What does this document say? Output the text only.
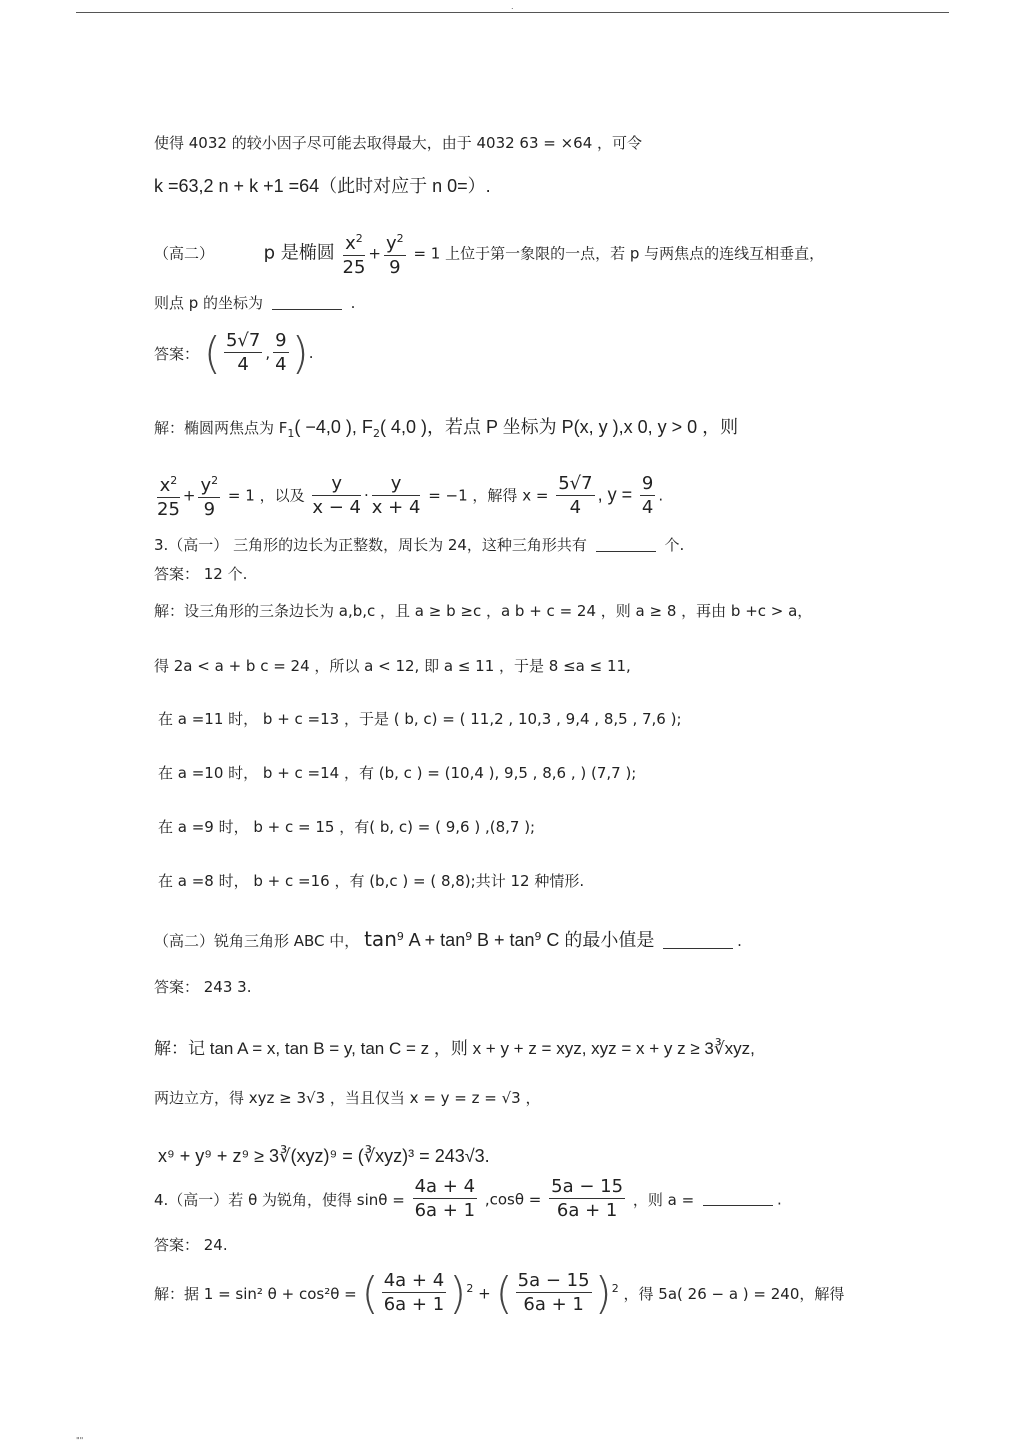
.
使得 4032 的较小因子尽可能去取得最大，由于 4032 63 = ×64 ，可令
k =63,2 n + k +1 =64（此时对应于 n 0=）.
（高二）	p 是椭圆 $\frac{x^2}{25} + \frac{y^2}{9} = 1$ 上位于第一象限的一点，若 p 与两焦点的连线互相垂直，
则点 p 的坐标为	.
答案： ( $\frac{5√7}{4}$ , $\frac{9}{4}$ ).
解：椭圆两焦点为 $F_1( -4,0$ ), $F_2$( 4,0 )，若点 P 坐标为 P(x, y ),x 0, y > 0 ，则
$\frac{x^2}{25} + \frac{y^2}{9} = 1$ ，以及 $\frac{y}{x - 4} \cdot \frac{y}{x + 4} = -1$ ，解得 $x = \frac{5√7}{4}$ , $y = \frac{9}{4}$ .
3.（高一） 三角形的边长为正整数，周长为 24，这种三角形共有	个.
答案： 12 个.
解：设三角形的三条边长为 a,b,c ，且 a ≥ b ≥c ，a b + c = 24 ，则 a ≥ 8 ，再由 b +c > a，
得 2a < a + b c = 24 ，所以 a < 12, 即 a ≤ 11 ，于是 8 ≤a ≤ 11,
在 a =11 时， b + c =13 ，于是 ( b, c) = ( 11,2 , 10,3 , 9,4 , 8,5 , 7,6 );
在 a =10 时， b + c =14 ，有 (b, c ) = (10,4 ), 9,5 , 8,6 , ) (7,7 );
在 a =9 时， b + c = 15 ，有( b, c) = ( 9,6 ) ,(8,7 );
在 a =8 时， b + c =16 ，有 (b,c ) = ( 8,8);共计 12 种情形.
（高二）锐角三角形 ABC 中， $\tan^9 A + \tan^9 B + \tan^9 C$ 的最小值是	.
答案： 243 3.
解：记 tan A = x, tan B = y, tan C = z ，则 x + y + z = xyz, xyz = x + y z ≥ 3∛xyz,
两边立方，得 xyz ≥ 3√3 ，当且仅当 x = y = z = √3 ，
x⁹ + y⁹ + z⁹ ≥ 3∛(xyz)⁹ = (∛xyz)³ = 243√3.
4.（高一）若 θ 为锐角，使得 $\sin\theta = \frac{4a + 4}{6a + 1} ,\cos\theta = \frac{5a - 15}{6a + 1}$ ，则 a =	.
答案： 24.
解：据 1 = sin² θ + cos²θ = ( $\frac{4a + 4}{6a + 1} )^2$ + ( $\frac{5a - 15}{6a + 1} )^2$ ，得 5a( 26 − a ) = 240，解得
""
